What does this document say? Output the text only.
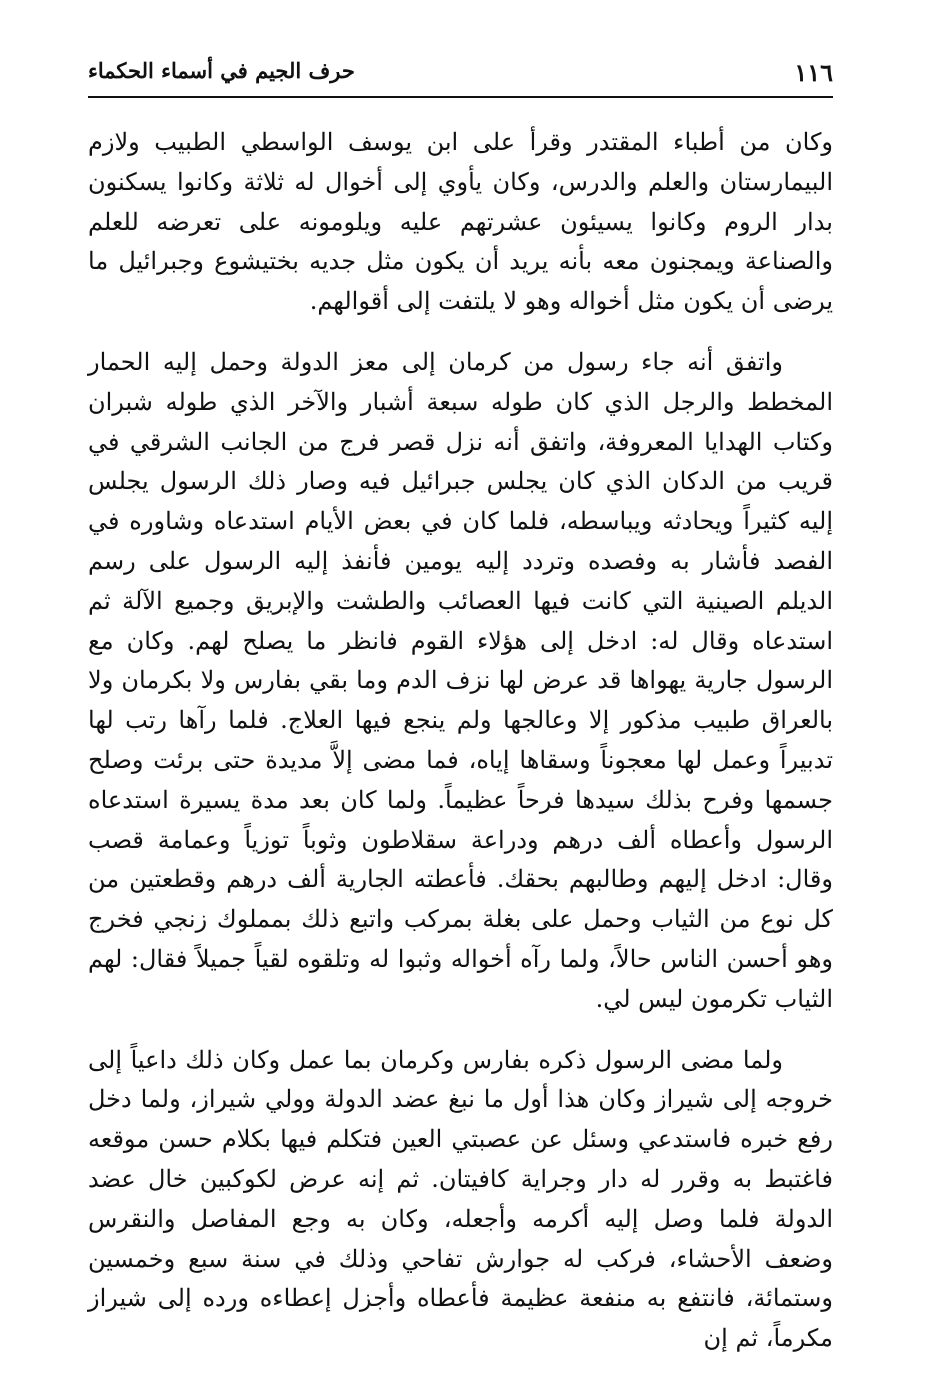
١١٦
حرف الجيم في أسماء الحكماء

وكان من أطباء المقتدر وقرأ على ابن يوسف الواسطي الطبيب ولازم البيمارستان والعلم والدرس، وكان يأوي إلى أخوال له ثلاثة وكانوا يسكنون بدار الروم وكانوا يسيئون عشرتهم عليه ويلومونه على تعرضه للعلم والصناعة ويمجنون معه بأنه يريد أن يكون مثل جديه بختيشوع وجبرائيل ما يرضى أن يكون مثل أخواله وهو لا يلتفت إلى أقوالهم.

واتفق أنه جاء رسول من كرمان إلى معز الدولة وحمل إليه الحمار المخطط والرجل الذي كان طوله سبعة أشبار والآخر الذي طوله شبران وكتاب الهدايا المعروفة، واتفق أنه نزل قصر فرج من الجانب الشرقي في قريب من الدكان الذي كان يجلس جبرائيل فيه وصار ذلك الرسول يجلس إليه كثيراً ويحادثه ويباسطه، فلما كان في بعض الأيام استدعاه وشاوره في الفصد فأشار به وفصده وتردد إليه يومين فأنفذ إليه الرسول على رسم الديلم الصينية التي كانت فيها العصائب والطشت والإبريق وجميع الآلة ثم استدعاه وقال له: ادخل إلى هؤلاء القوم فانظر ما يصلح لهم. وكان مع الرسول جارية يهواها قد عرض لها نزف الدم وما بقي بفارس ولا بكرمان ولا بالعراق طبيب مذكور إلا وعالجها ولم ينجع فيها العلاج. فلما رآها رتب لها تدبيراً وعمل لها معجوناً وسقاها إياه، فما مضى إلاَّ مديدة حتى برئت وصلح جسمها وفرح بذلك سيدها فرحاً عظيماً. ولما كان بعد مدة يسيرة استدعاه الرسول وأعطاه ألف درهم ودراعة سقلاطون وثوباً توزياً وعمامة قصب وقال: ادخل إليهم وطالبهم بحقك. فأعطته الجارية ألف درهم وقطعتين من كل نوع من الثياب وحمل على بغلة بمركب واتبع ذلك بمملوك زنجي فخرج وهو أحسن الناس حالاً، ولما رآه أخواله وثبوا له وتلقوه لقياً جميلاً فقال: لهم الثياب تكرمون ليس لي.

ولما مضى الرسول ذكره بفارس وكرمان بما عمل وكان ذلك داعياً إلى خروجه إلى شيراز وكان هذا أول ما نبغ عضد الدولة وولي شيراز، ولما دخل رفع خبره فاستدعي وسئل عن عصبتي العين فتكلم فيها بكلام حسن موقعه فاغتبط به وقرر له دار وجراية كافيتان. ثم إنه عرض لكوكبين خال عضد الدولة فلما وصل إليه أكرمه وأجعله، وكان به وجع المفاصل والنقرس وضعف الأحشاء، فركب له جوارش تفاحي وذلك في سنة سبع وخمسين وستمائة، فانتفع به منفعة عظيمة فأعطاه وأجزل إعطاءه ورده إلى شيراز مكرماً، ثم إن
